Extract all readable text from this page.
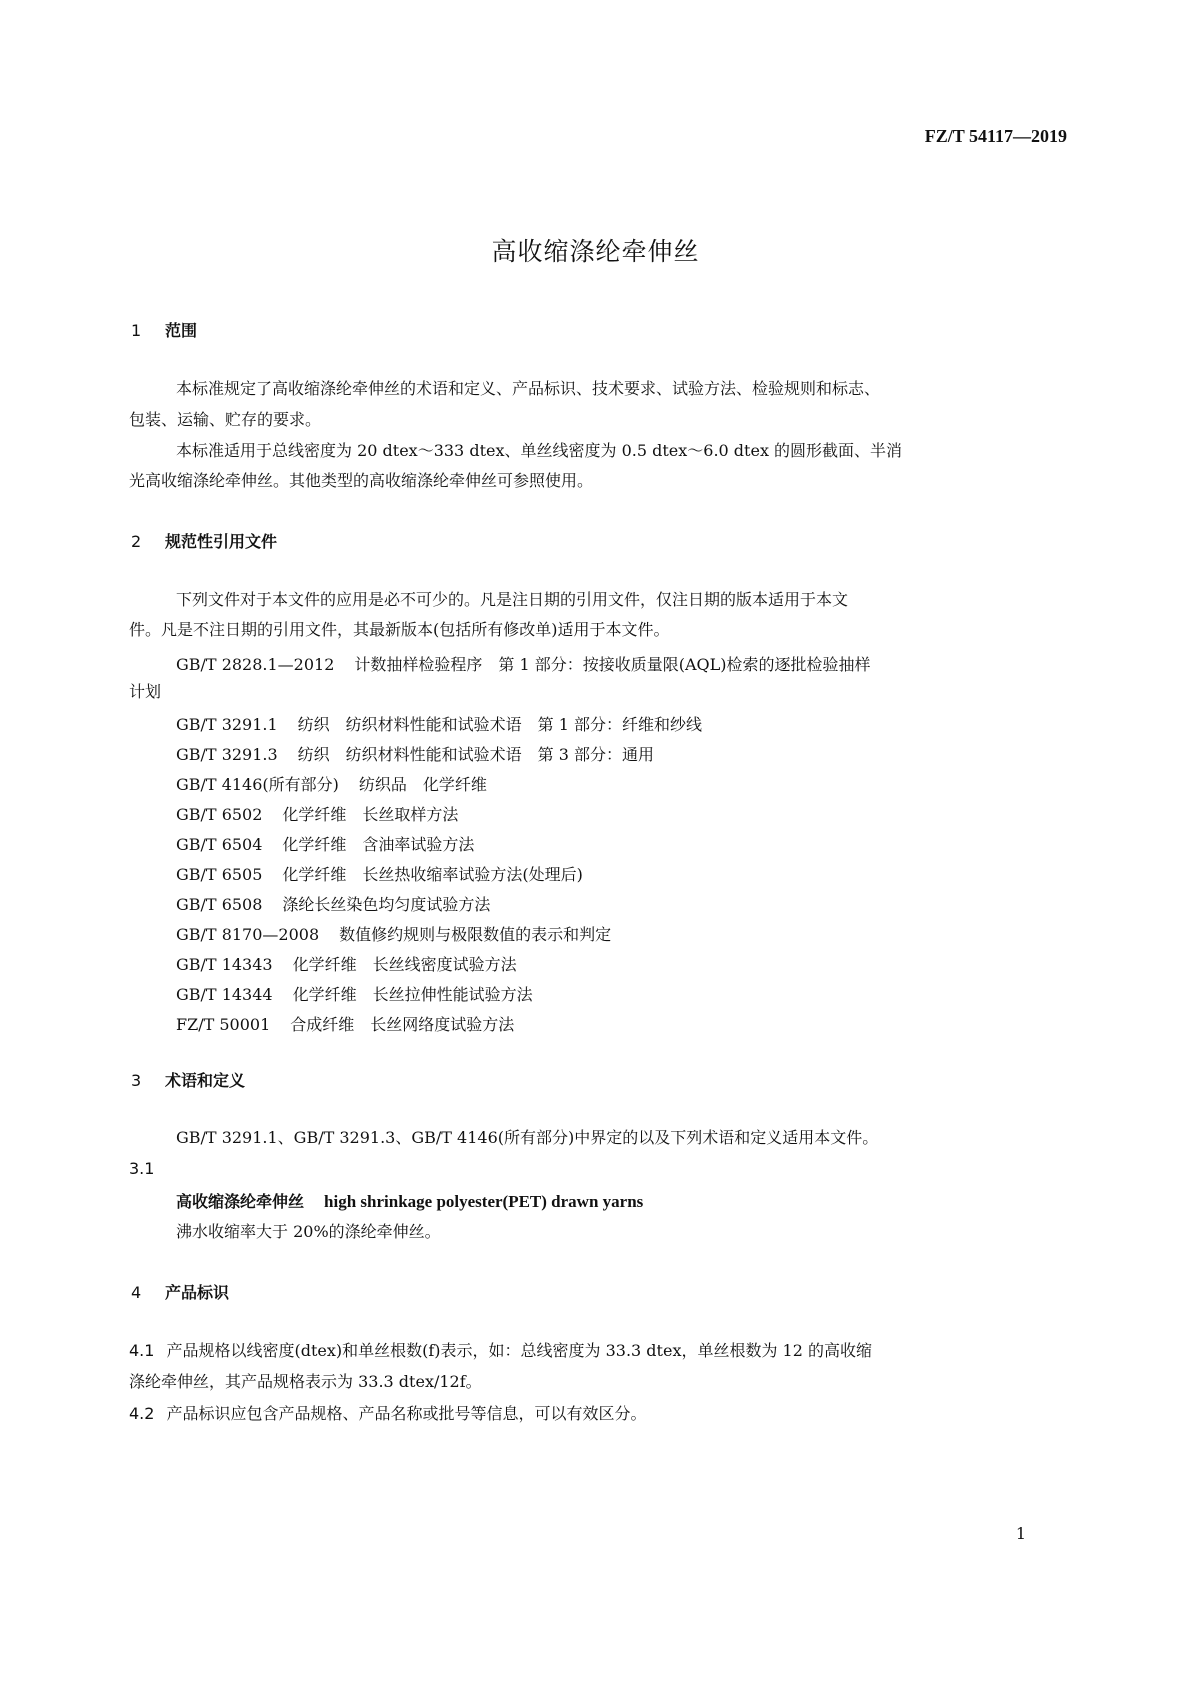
FZ/T 54117—2019
高收缩涤纶牵伸丝
1 范围
本标准规定了高收缩涤纶牵伸丝的术语和定义、产品标识、技术要求、试验方法、检验规则和标志、
包装、运输、贮存的要求。
本标准适用于总线密度为 20 dtex～333 dtex、单丝线密度为 0.5 dtex～6.0 dtex 的圆形截面、半消
光高收缩涤纶牵伸丝。其他类型的高收缩涤纶牵伸丝可参照使用。
2 规范性引用文件
下列文件对于本文件的应用是必不可少的。凡是注日期的引用文件，仅注日期的版本适用于本文
件。凡是不注日期的引用文件，其最新版本(包括所有修改单)适用于本文件。
GB/T 2828.1—2012 计数抽样检验程序　第 1 部分：按接收质量限(AQL)检索的逐批检验抽样
计划
GB/T 3291.1 纺织　纺织材料性能和试验术语　第 1 部分：纤维和纱线
GB/T 3291.3 纺织　纺织材料性能和试验术语　第 3 部分：通用
GB/T 4146(所有部分) 纺织品　化学纤维
GB/T 6502 化学纤维　长丝取样方法
GB/T 6504 化学纤维　含油率试验方法
GB/T 6505 化学纤维　长丝热收缩率试验方法(处理后)
GB/T 6508 涤纶长丝染色均匀度试验方法
GB/T 8170—2008 数值修约规则与极限数值的表示和判定
GB/T 14343 化学纤维　长丝线密度试验方法
GB/T 14344 化学纤维　长丝拉伸性能试验方法
FZ/T 50001 合成纤维　长丝网络度试验方法
3 术语和定义
GB/T 3291.1、GB/T 3291.3、GB/T 4146(所有部分)中界定的以及下列术语和定义适用本文件。
3.1
高收缩涤纶牵伸丝 high shrinkage polyester(PET) drawn yarns
沸水收缩率大于 20%的涤纶牵伸丝。
4 产品标识
4.1 产品规格以线密度(dtex)和单丝根数(f)表示，如：总线密度为 33.3 dtex，单丝根数为 12 的高收缩
涤纶牵伸丝，其产品规格表示为 33.3 dtex/12f。
4.2 产品标识应包含产品规格、产品名称或批号等信息，可以有效区分。
1
